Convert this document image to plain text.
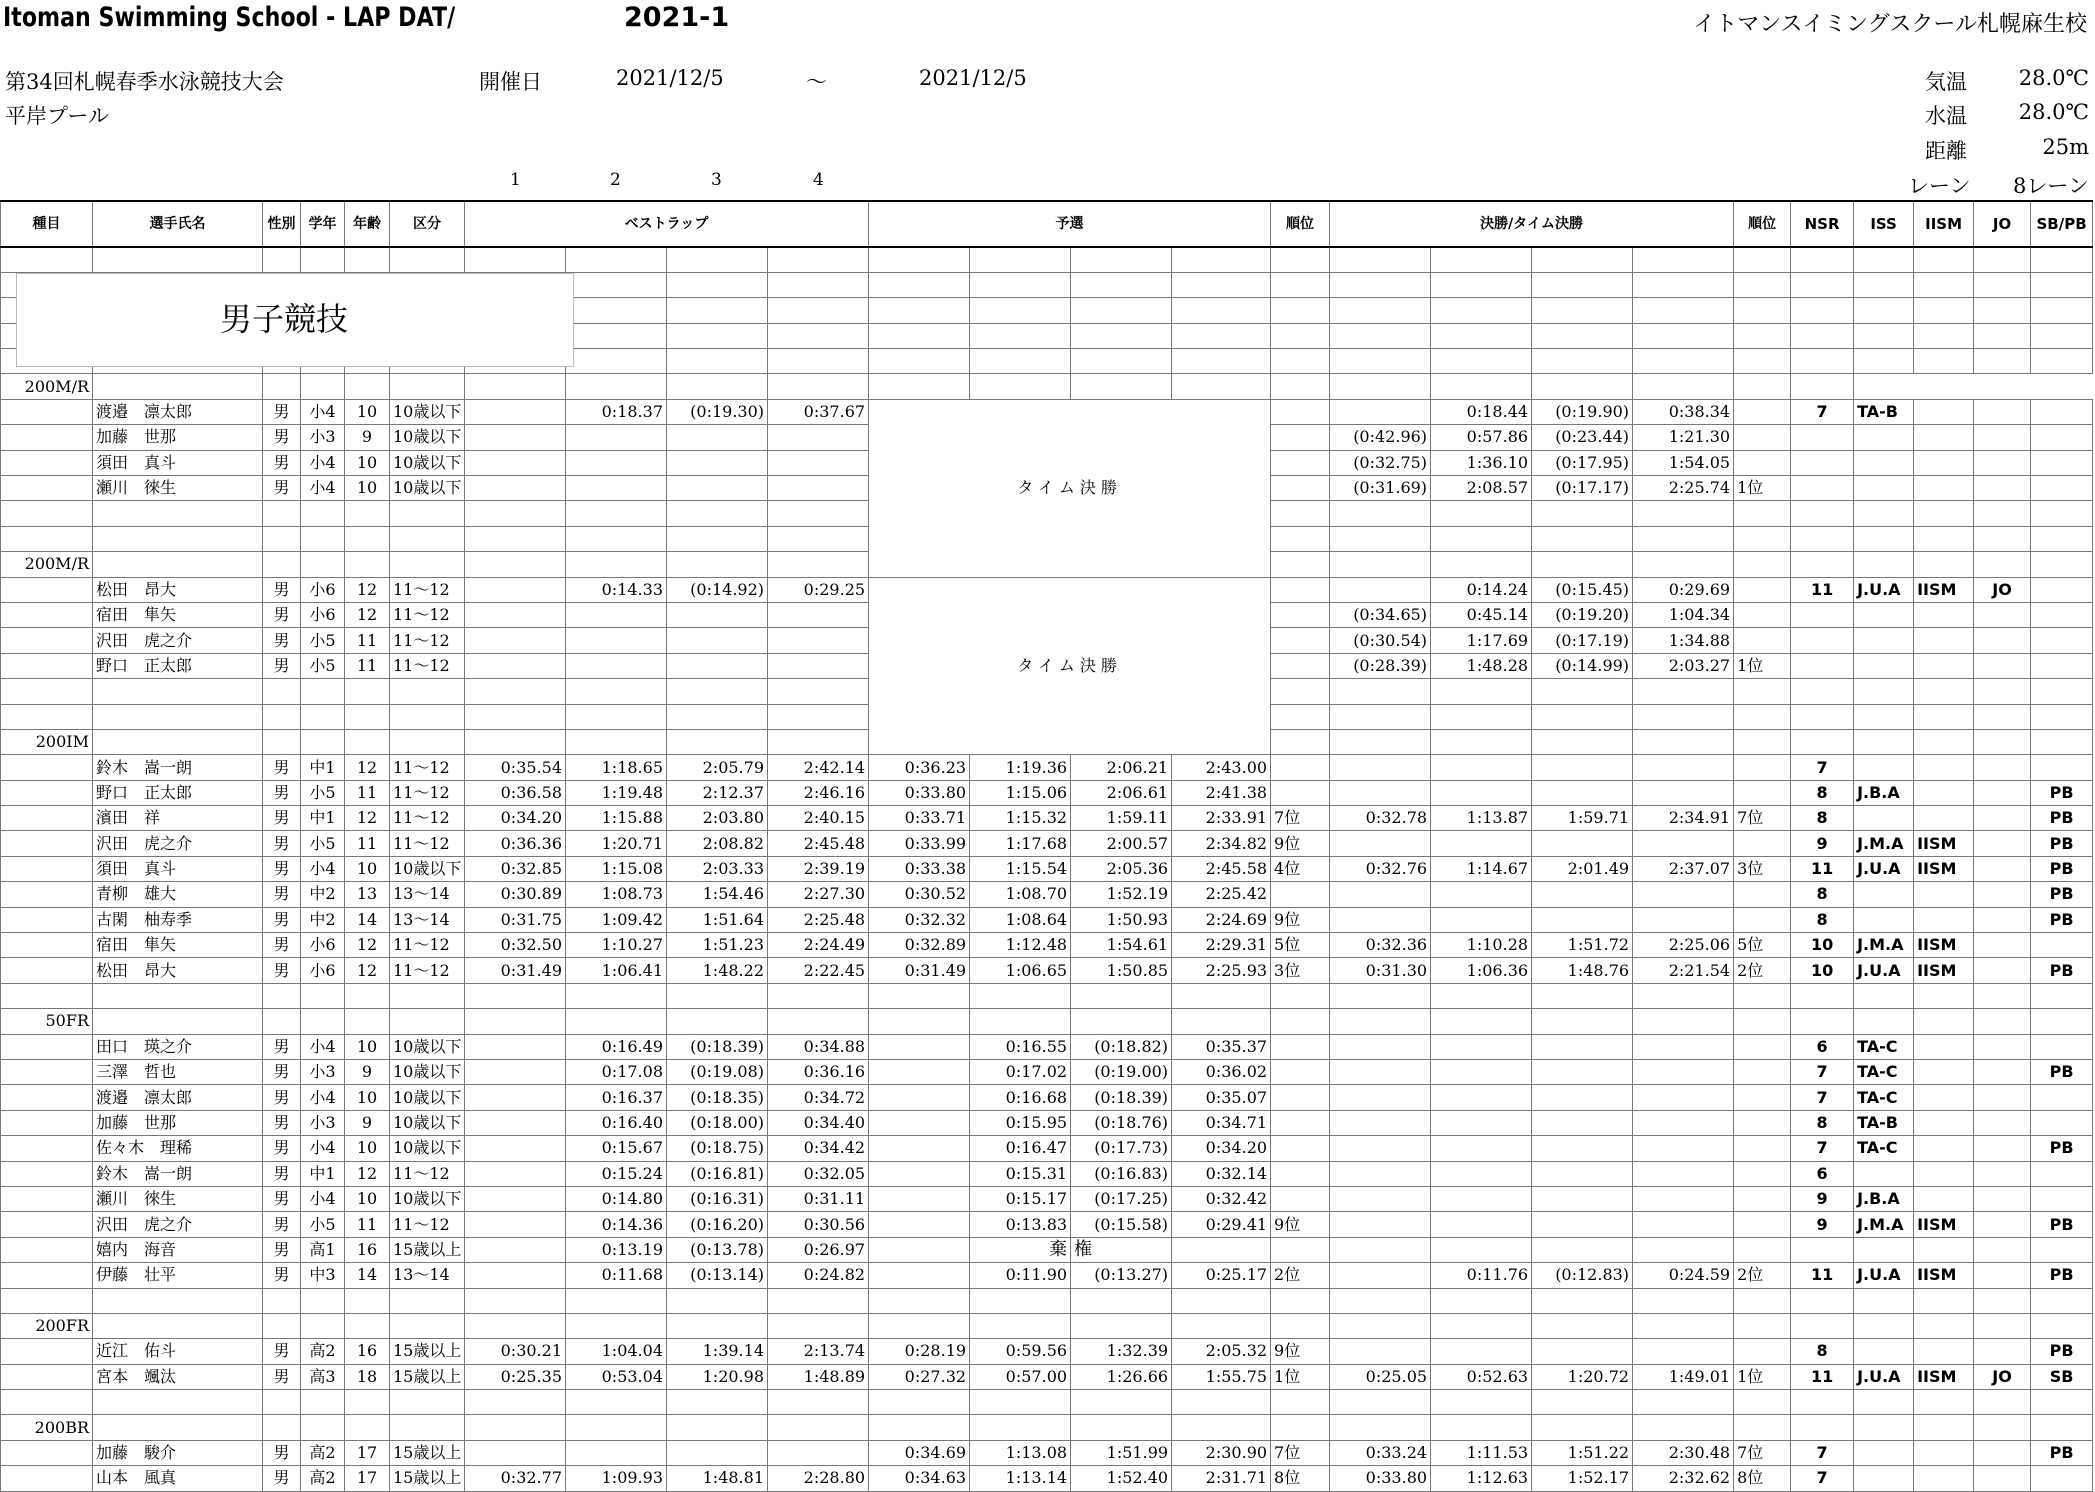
Itoman Swimming School - LAP DAT/	2021-1	イトマンスイミングスクール札幌麻生校
第34回札幌春季水泳競技大会
平岸プール
開催日	2021/12/5	～	2021/12/5	気温 28.0℃
水温 28.0℃
距離	25m
レーン 8レーン
1	2	3	4
種目	選手氏名	性別	学年	年齢	区分	ベストラップ				予選				順位	決勝/タイム決勝				順位	NSR	ISS	IISM	JO	SB/PB	

200M/R																									
	渡邉　凛太郎	男	小4	10	10歳以下		0:18.37	(0:19.30)	0:37.67	タイム決勝						0:18.44	(0:19.90)	0:38.34		7	TA-B				
	加藤　世那	男	小3	9	10歳以下										(0:42.96)	0:57.86	(0:23.44)	1:21.30							
	須田　真斗	男	小4	10	10歳以下										(0:32.75)	1:36.10	(0:17.95)	1:54.05							
	瀬川　徠生	男	小4	10	10歳以下										(0:31.69)	2:08.57	(0:17.17)	2:25.74	1位						

200M/R																									
	松田　昂大	男	小6	12	11～12		0:14.33	(0:14.92)	0:29.25	タイム決勝						0:14.24	(0:15.45)	0:29.69		11	J.U.A	IISM	JO		
	宿田　隼矢	男	小6	12	11～12										(0:34.65)	0:45.14	(0:19.20)	1:04.34							
	沢田　虎之介	男	小5	11	11～12										(0:30.54)	1:17.69	(0:17.19)	1:34.88							
	野口　正太郎	男	小5	11	11～12										(0:28.39)	1:48.28	(0:14.99)	2:03.27	1位						

200IM																									
	鈴木　嵩一朗	男	中1	12	11～12	0:35.54	1:18.65	2:05.79	2:42.14	0:36.23	1:19.36	2:06.21	2:43.00							7					
	野口　正太郎	男	小5	11	11～12	0:36.58	1:19.48	2:12.37	2:46.16	0:33.80	1:15.06	2:06.61	2:41.38							8	J.B.A			PB	
	濱田　祥	男	中1	12	11～12	0:34.20	1:15.88	2:03.80	2:40.15	0:33.71	1:15.32	1:59.11	2:33.91	7位	0:32.78	1:13.87	1:59.71	2:34.91	7位	8				PB	
	沢田　虎之介	男	小5	11	11～12	0:36.36	1:20.71	2:08.82	2:45.48	0:33.99	1:17.68	2:00.57	2:34.82	9位						9	J.M.A	IISM		PB	
	須田　真斗	男	小4	10	10歳以下	0:32.85	1:15.08	2:03.33	2:39.19	0:33.38	1:15.54	2:05.36	2:45.58	4位	0:32.76	1:14.67	2:01.49	2:37.07	3位	11	J.U.A	IISM		PB	
	青柳　雄大	男	中2	13	13～14	0:30.89	1:08.73	1:54.46	2:27.30	0:30.52	1:08.70	1:52.19	2:25.42							8				PB	
	古閑　柚寿季	男	中2	14	13～14	0:31.75	1:09.42	1:51.64	2:25.48	0:32.32	1:08.64	1:50.93	2:24.69	9位						8				PB	
	宿田　隼矢	男	小6	12	11～12	0:32.50	1:10.27	1:51.23	2:24.49	0:32.89	1:12.48	1:54.61	2:29.31	5位	0:32.36	1:10.28	1:51.72	2:25.06	5位	10	J.M.A	IISM			
	松田　昂大	男	小6	12	11～12	0:31.49	1:06.41	1:48.22	2:22.45	0:31.49	1:06.65	1:50.85	2:25.93	3位	0:31.30	1:06.36	1:48.76	2:21.54	2位	10	J.U.A	IISM		PB	

50FR																									
	田口　瑛之介	男	小4	10	10歳以下		0:16.49	(0:18.39)	0:34.88		0:16.55	(0:18.82)	0:35.37							6	TA-C				
	三澤　哲也	男	小3	9	10歳以下		0:17.08	(0:19.08)	0:36.16		0:17.02	(0:19.00)	0:36.02							7	TA-C			PB	
	渡邉　凛太郎	男	小4	10	10歳以下		0:16.37	(0:18.35)	0:34.72		0:16.68	(0:18.39)	0:35.07							7	TA-C				
	加藤　世那	男	小3	9	10歳以下		0:16.40	(0:18.00)	0:34.40		0:15.95	(0:18.76)	0:34.71							8	TA-B				
	佐々木　理稀	男	小4	10	10歳以下		0:15.67	(0:18.75)	0:34.42		0:16.47	(0:17.73)	0:34.20							7	TA-C			PB	
	鈴木　嵩一朗	男	中1	12	11～12		0:15.24	(0:16.81)	0:32.05		0:15.31	(0:16.83)	0:32.14							6					
	瀬川　徠生	男	小4	10	10歳以下		0:14.80	(0:16.31)	0:31.11		0:15.17	(0:17.25)	0:32.42							9	J.B.A				
	沢田　虎之介	男	小5	11	11～12		0:14.36	(0:16.20)	0:30.56		0:13.83	(0:15.58)	0:29.41	9位						9	J.M.A	IISM		PB	
	嬉内　海音	男	高1	16	15歳以上		0:13.19	(0:13.78)	0:26.97		棄	権													
	伊藤　壮平	男	中3	14	13～14		0:11.68	(0:13.14)	0:24.82		0:11.90	(0:13.27)	0:25.17	2位		0:11.76	(0:12.83)	0:24.59	2位	11	J.U.A	IISM		PB	

200FR																									
	近江　佑斗	男	高2	16	15歳以上	0:30.21	1:04.04	1:39.14	2:13.74	0:28.19	0:59.56	1:32.39	2:05.32	9位						8				PB	
	宮本　颯汰	男	高3	18	15歳以上	0:25.35	0:53.04	1:20.98	1:48.89	0:27.32	0:57.00	1:26.66	1:55.75	1位	0:25.05	0:52.63	1:20.72	1:49.01	1位	11	J.U.A	IISM	JO	SB	

200BR																									
	加藤　駿介	男	高2	17	15歳以上					0:34.69	1:13.08	1:51.99	2:30.90	7位	0:33.24	1:11.53	1:51.22	2:30.48	7位	7				PB	
	山本　風真	男	高2	17	15歳以上	0:32.77	1:09.93	1:48.81	2:28.80	0:34.63	1:13.14	1:52.40	2:31.71	8位	0:33.80	1:12.63	1:52.17	2:32.62	8位	7					
男子競技
